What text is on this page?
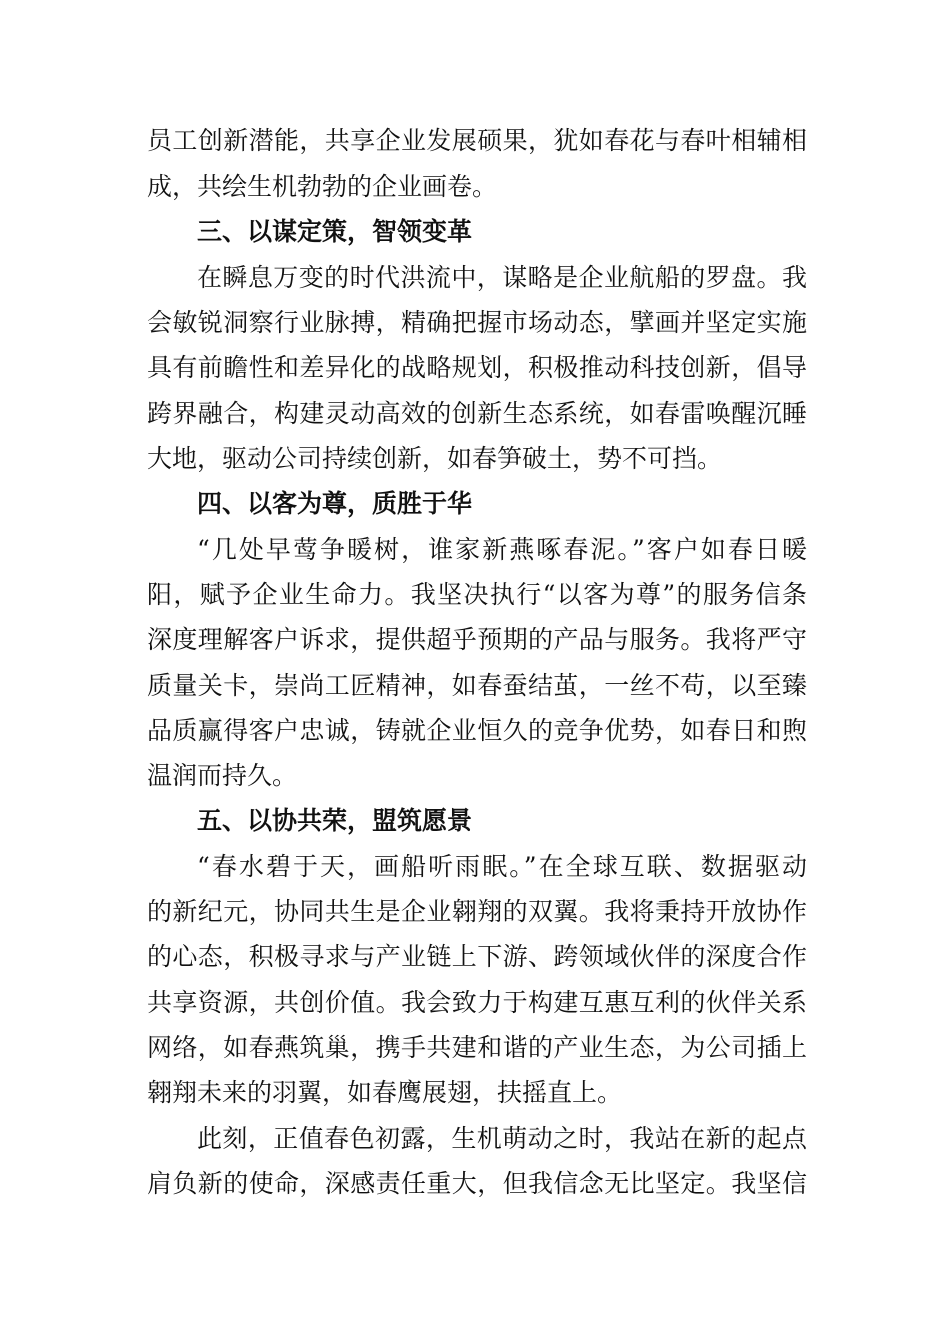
员工创新潜能，共享企业发展硕果，犹如春花与春叶相辅相
成，共绘生机勃勃的企业画卷。
三、以谋定策，智领变革
在瞬息万变的时代洪流中，谋略是企业航船的罗盘。我
会敏锐洞察行业脉搏，精确把握市场动态，擘画并坚定实施
具有前瞻性和差异化的战略规划，积极推动科技创新，倡导
跨界融合，构建灵动高效的创新生态系统，如春雷唤醒沉睡
大地，驱动公司持续创新，如春笋破土，势不可挡。
四、以客为尊，质胜于华
“几处早莺争暖树，谁家新燕啄春泥。”客户如春日暖
阳，赋予企业生命力。我坚决执行“以客为尊”的服务信条
深度理解客户诉求，提供超乎预期的产品与服务。我将严守
质量关卡，崇尚工匠精神，如春蚕结茧，一丝不苟，以至臻
品质赢得客户忠诚，铸就企业恒久的竞争优势，如春日和煦
温润而持久。
五、以协共荣，盟筑愿景
“春水碧于天，画船听雨眠。”在全球互联、数据驱动
的新纪元，协同共生是企业翱翔的双翼。我将秉持开放协作
的心态，积极寻求与产业链上下游、跨领域伙伴的深度合作
共享资源，共创价值。我会致力于构建互惠互利的伙伴关系
网络，如春燕筑巢，携手共建和谐的产业生态，为公司插上
翱翔未来的羽翼，如春鹰展翅，扶摇直上。
此刻，正值春色初露，生机萌动之时，我站在新的起点
肩负新的使命，深感责任重大，但我信念无比坚定。我坚信
